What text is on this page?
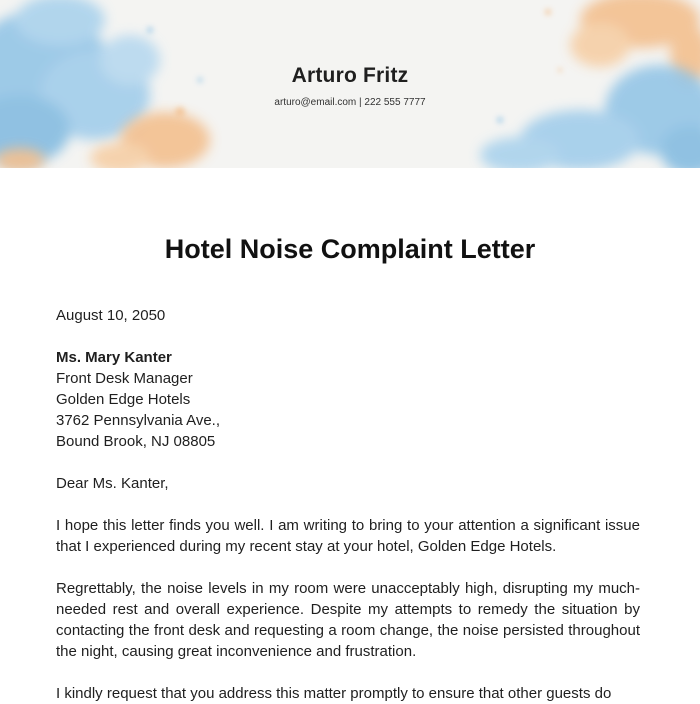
Arturo Fritz
arturo@email.com | 222 555 7777
Hotel Noise Complaint Letter
August 10, 2050
Ms. Mary Kanter
Front Desk Manager
Golden Edge Hotels
3762 Pennsylvania Ave.,
Bound Brook, NJ 08805
Dear Ms. Kanter,

I hope this letter finds you well. I am writing to bring to your attention a significant issue that I experienced during my recent stay at your hotel, Golden Edge Hotels.

Regrettably, the noise levels in my room were unacceptably high, disrupting my much-needed rest and overall experience. Despite my attempts to remedy the situation by contacting the front desk and requesting a room change, the noise persisted throughout the night, causing great inconvenience and frustration.

I kindly request that you address this matter promptly to ensure that other guests do
